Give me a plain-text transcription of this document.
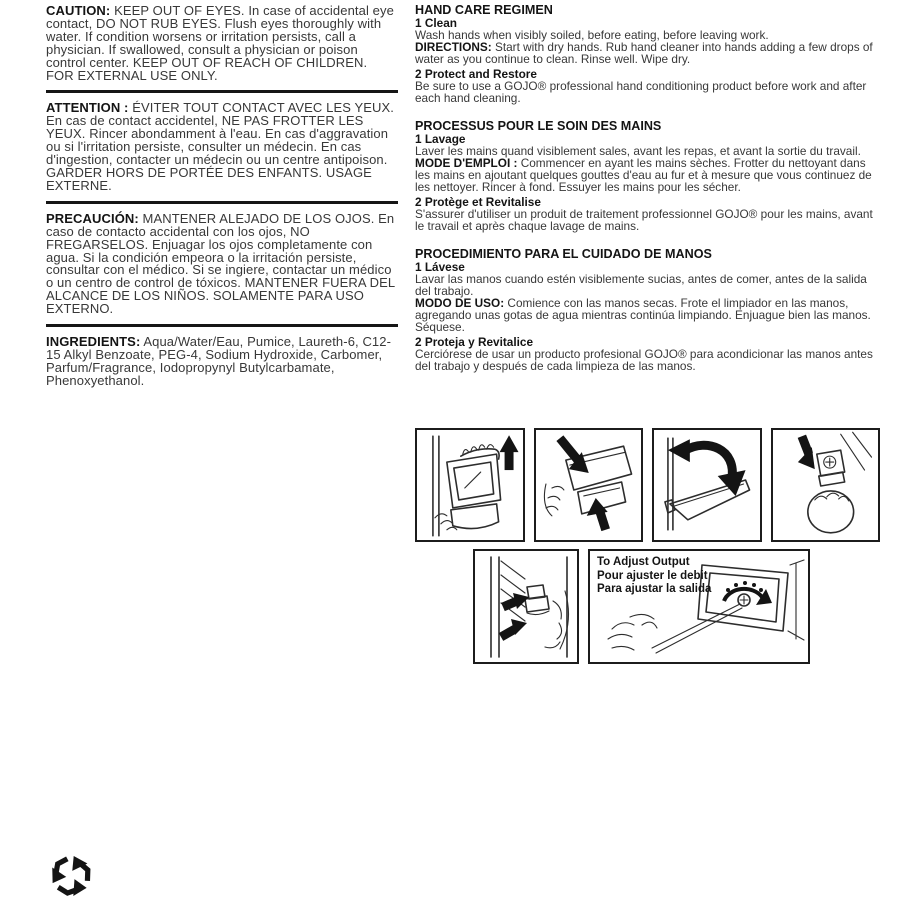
CAUTION: KEEP OUT OF EYES. In case of accidental eye contact, DO NOT RUB EYES. Flush eyes thoroughly with water. If condition worsens or irritation persists, call a physician. If swallowed, consult a physician or poison control center. KEEP OUT OF REACH OF CHILDREN. FOR EXTERNAL USE ONLY.

ATTENTION : ÉVITER TOUT CONTACT AVEC LES YEUX. En cas de contact accidentel, NE PAS FROTTER LES YEUX. Rincer abondamment à l'eau. En cas d'aggravation ou si l'irritation persiste, consulter un médecin. En cas d'ingestion, contacter un médecin ou un centre antipoison. GARDER HORS DE PORTÉE DES ENFANTS. USAGE EXTERNE.

PRECAUCIÓN: MANTENER ALEJADO DE LOS OJOS. En caso de contacto accidental con los ojos, NO FREGARSELOS. Enjuagar los ojos completamente con agua. Si la condición empeora o la irritación persiste, consultar con el médico. Si se ingiere, contactar un médico o un centro de control de tóxicos. MANTENER FUERA DEL ALCANCE DE LOS NIÑOS. SOLAMENTE PARA USO EXTERNO.

INGREDIENTS: Aqua/Water/Eau, Pumice, Laureth-6, C12-15 Alkyl Benzoate, PEG-4, Sodium Hydroxide, Carbomer, Parfum/Fragrance, Iodopropynyl Butylcarbamate, Phenoxyethanol.

HAND CARE REGIMEN
1 Clean

Wash hands when visibly soiled, before eating, before leaving work.

DIRECTIONS: Start with dry hands. Rub hand cleaner into hands adding a few drops of water as you continue to clean. Rinse well. Wipe dry.

2 Protect and Restore

Be sure to use a GOJO® professional hand conditioning product before work and after each hand cleaning.

PROCESSUS POUR LE SOIN DES MAINS
1 Lavage

Laver les mains quand visiblement sales, avant les repas, et avant la sortie du travail.

MODE D'EMPLOI : Commencer en ayant les mains sèches. Frotter du nettoyant dans les mains en ajoutant quelques gouttes d'eau au fur et à mesure que vous continuez de les nettoyer. Rincer à fond. Essuyer les mains pour les sécher.

2 Protège et Revitalise

S'assurer d'utiliser un produit de traitement professionnel GOJO® pour les mains, avant le travail et après chaque lavage de mains.

PROCEDIMIENTO PARA EL CUIDADO DE MANOS
1 Lávese

Lavar las manos cuando estén visiblemente sucias, antes de comer, antes de la salida del trabajo.

MODO DE USO: Comience con las manos secas. Frote el limpiador en las manos, agregando unas gotas de agua mientras continúa limpiando. Enjuague bien las manos. Séquese.

2 Proteja y Revitalice

Cerciórese de usar un producto profesional GOJO® para acondicionar las manos antes del trabajo y después de cada limpieza de las manos.

To Adjust Output
Pour ajuster le debit
Para ajustar la salida
